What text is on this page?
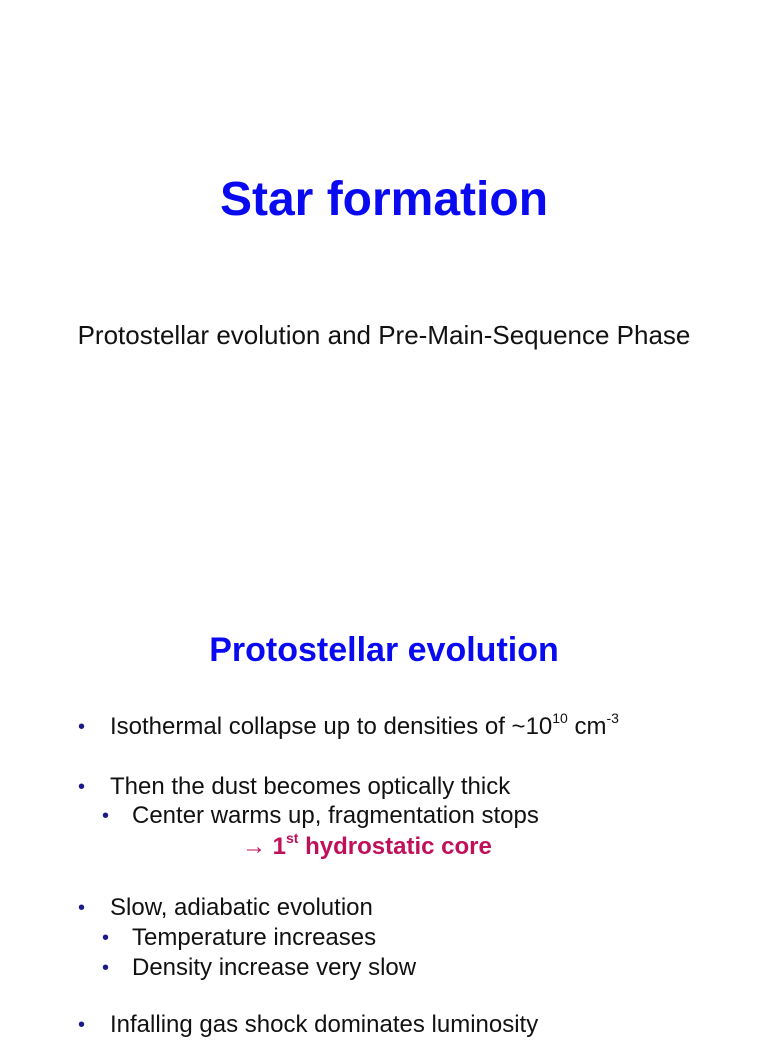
Star formation

Protostellar evolution and Pre-Main-Sequence Phase

Protostellar evolution
• Isothermal collapse up to densities of $\sim 10^{10}$ $cm^{-3}$
• Then the dust becomes optically thick
• Center warms up, fragmentation stops
→ 1st hydrostatic core
• Slow, adiabatic evolution
• Temperature increases
• Density increase very slow
• Infalling gas shock dominates luminosity
